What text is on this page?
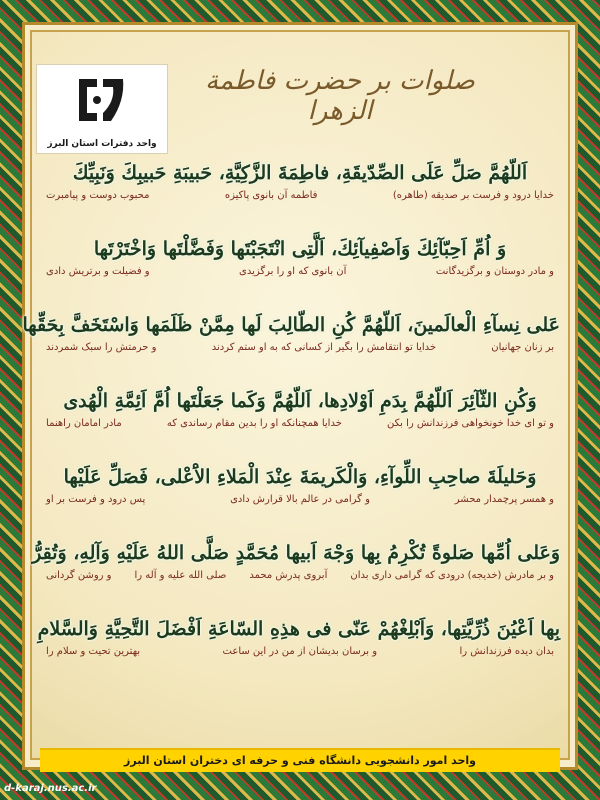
واحد دفترات استان البرز
صلوات بر حضرت فاطمة الزهرا
اَللّهُمَّ صَلِّ عَلَى الصِّدّيقَةِ، فاطِمَةَ الزَّكِيَّةِ، حَبيبَةِ حَبيبِكَ وَنَبِيِّكَ
خدایا درود و فرست بر صدیقه (طاهره)
فاطمه آن بانوی پاکیزه
محبوب دوست و پیامبرت
وَ اُمِّ اَحِبّآئِكَ وَاَصْفِيآئِكَ، اَلَّتِى انْتَجَبْتَها وَفَضَّلْتَها وَاخْتَرْتَها
و مادر دوستان و برگزیدگانت
آن بانوی که او را برگزیدی
و فضیلت و برتریش دادی
عَلى نِسآءِ الْعالَمينَ، اَللّهُمَّ كُنِ الطّالِبَ لَها مِمَّنْ ظَلَمَها وَاسْتَخَفَّ بِحَقِّها
بر زنان جهانیان
خدایا تو انتقامش را بگیر از کسانی که به او ستم کردند
و حرمتش را سبک شمردند
وَكُنِ الثّآئِرَ اَللّهُمَّ بِدَمِ اَوْلادِها، اَللّهُمَّ وَكَما جَعَلْتَها اُمَّ اَئِمَّةِ الْهُدى
و تو ای خدا خونخواهی فرزندانش را بکن
خدایا همچنانکه او را بدین مقام رساندی که
مادر امامان راهنما
وَحَليلَةَ صاحِبِ اللِّوآءِ، وَالْكَريمَةَ عِنْدَ الْمَلاءِ الاَْعْلى، فَصَلِّ عَلَيْها
و همسر پرچمدار محشر
و گرامی در عالم بالا قرارش دادی
پس درود و فرست بر او
وَعَلى اُمِّها صَلوةً تُكْرِمُ بِها وَجْهَ اَبيها مُحَمَّدٍ صَلَّى اللهُ عَلَيْهِ وَآلِهِ، وَتُقِرُّ
و بر مادرش (خدیجه) درودی که گرامی داری بدان
آبروی پدرش محمد
صلی الله علیه و آله را
و روشن گردانی
بِها اَعْيُنَ ذُرِّيَّتِها، وَاَبْلِغْهُمْ عَنّى فى هذِهِ السّاعَةِ اَفْضَلَ التَّحِيَّةِ وَالسَّلامِ
بدان دیده فرزندانش را
و برسان بدیشان از من در این ساعت
بهترین تحیت و سلام را
واحد امور دانشجویی دانشگاه فنی و حرفه ای دختران استان البرز
d-karaj.nus.ac.ir
